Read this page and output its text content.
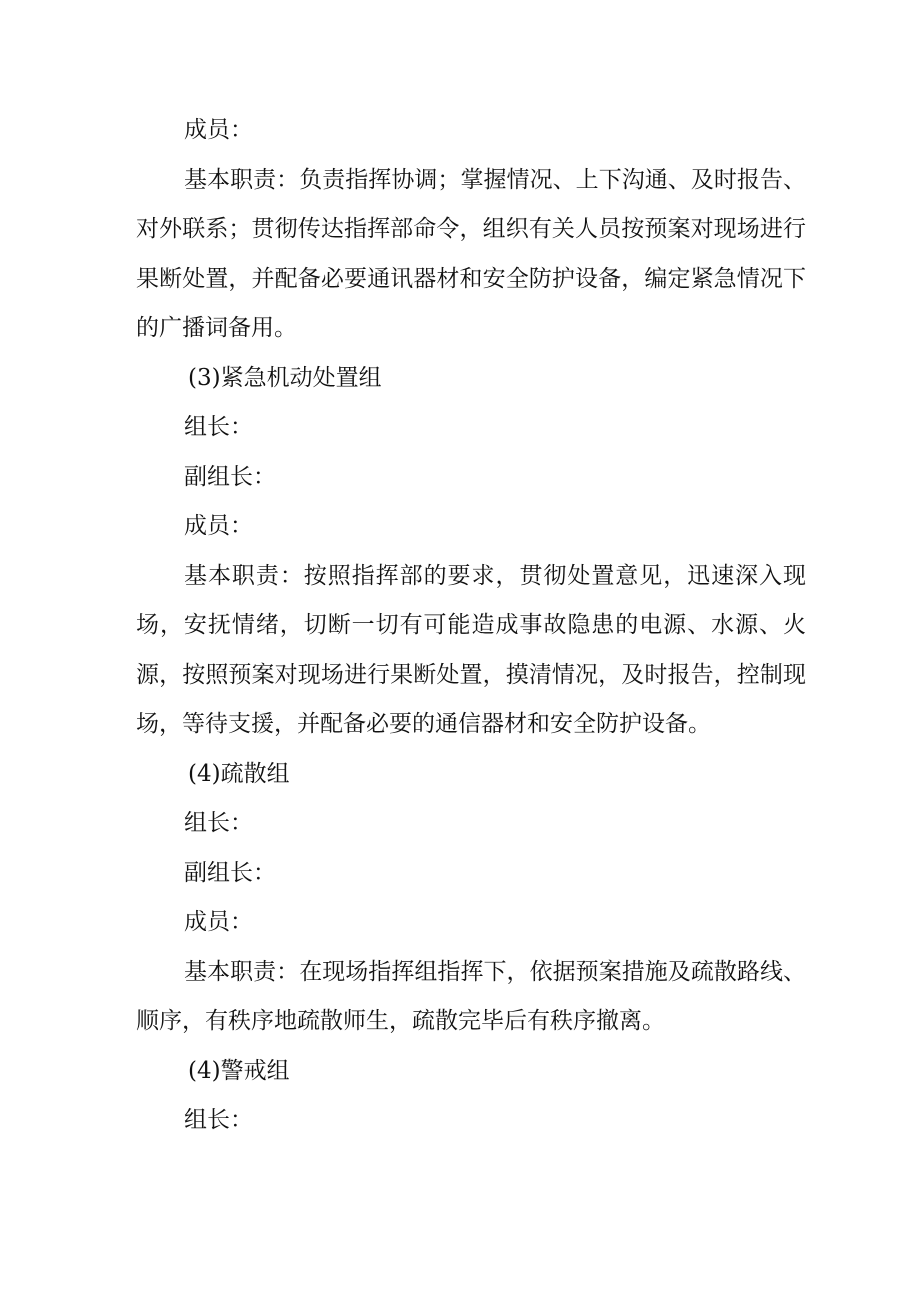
成员：

基本职责：负责指挥协调；掌握情况、上下沟通、及时报告、对外联系；贯彻传达指挥部命令，组织有关人员按预案对现场进行果断处置，并配备必要通讯器材和安全防护设备，编定紧急情况下的广播词备用。

(3)紧急机动处置组

组长：

副组长：

成员：

基本职责：按照指挥部的要求，贯彻处置意见，迅速深入现场，安抚情绪，切断一切有可能造成事故隐患的电源、水源、火源，按照预案对现场进行果断处置，摸清情况，及时报告，控制现场，等待支援，并配备必要的通信器材和安全防护设备。

(4)疏散组

组长：

副组长：

成员：

基本职责：在现场指挥组指挥下，依据预案措施及疏散路线、顺序，有秩序地疏散师生，疏散完毕后有秩序撤离。

(4)警戒组

组长：
